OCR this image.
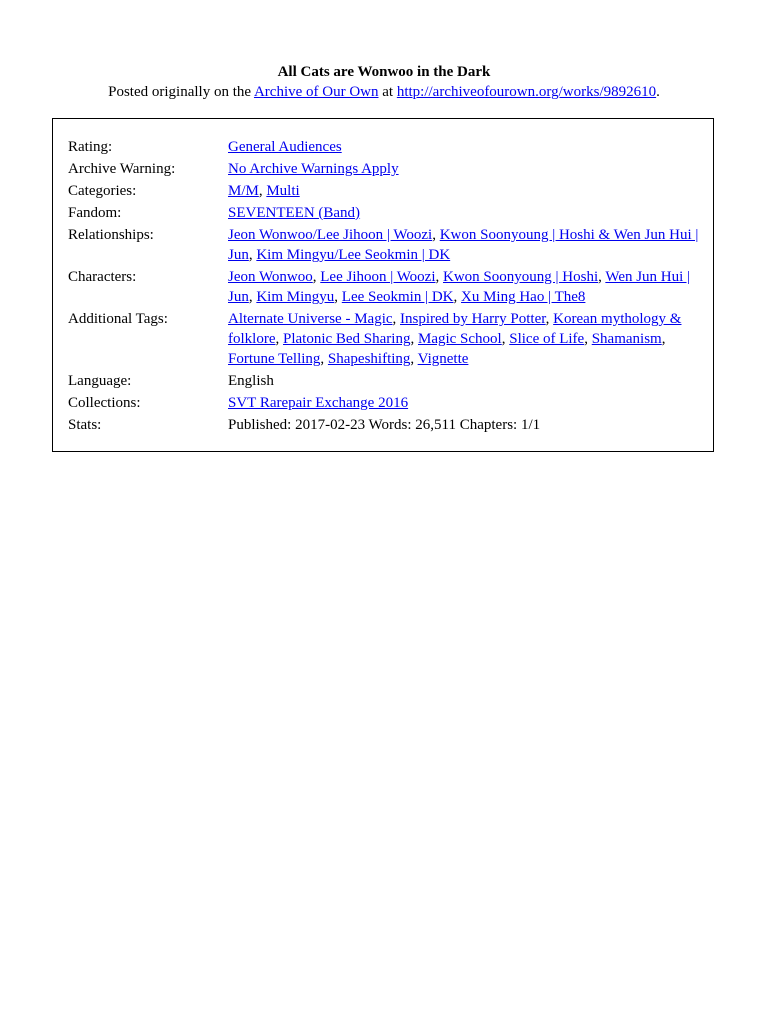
All Cats are Wonwoo in the Dark
Posted originally on the Archive of Our Own at http://archiveofourown.org/works/9892610.
Rating:	General Audiences
Archive Warning:	No Archive Warnings Apply
Categories:	M/M, Multi
Fandom:	SEVENTEEN (Band)
Relationships:	Jeon Wonwoo/Lee Jihoon | Woozi, Kwon Soonyoung | Hoshi & Wen Jun Hui | Jun, Kim Mingyu/Lee Seokmin | DK
Characters:	Jeon Wonwoo, Lee Jihoon | Woozi, Kwon Soonyoung | Hoshi, Wen Jun Hui | Jun, Kim Mingyu, Lee Seokmin | DK, Xu Ming Hao | The8
Additional Tags:	Alternate Universe - Magic, Inspired by Harry Potter, Korean mythology & folklore, Platonic Bed Sharing, Magic School, Slice of Life, Shamanism, Fortune Telling, Shapeshifting, Vignette
Language:	English
Collections:	SVT Rarepair Exchange 2016
Stats:	Published: 2017-02-23 Words: 26,511 Chapters: 1/1
